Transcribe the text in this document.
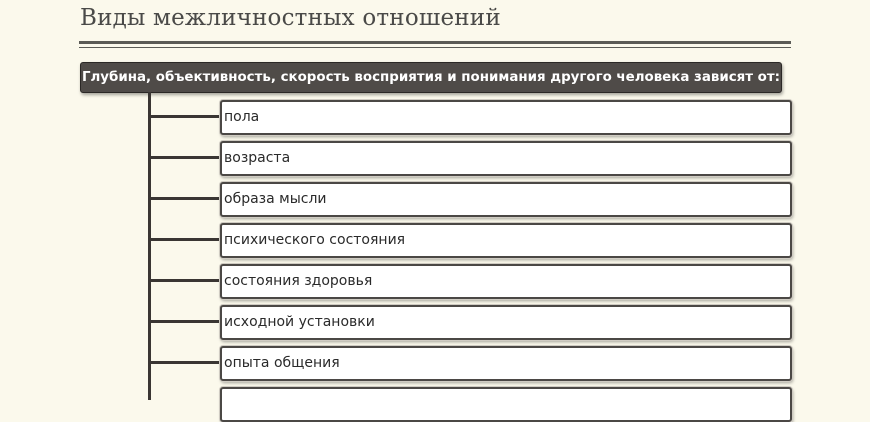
Виды межличностных отношений
Глубина, объективность, скорость восприятия и понимания другого человека зависят от:
пола
возраста
образа мысли
психического состояния
состояния здоровья
исходной установки
опыта общения
